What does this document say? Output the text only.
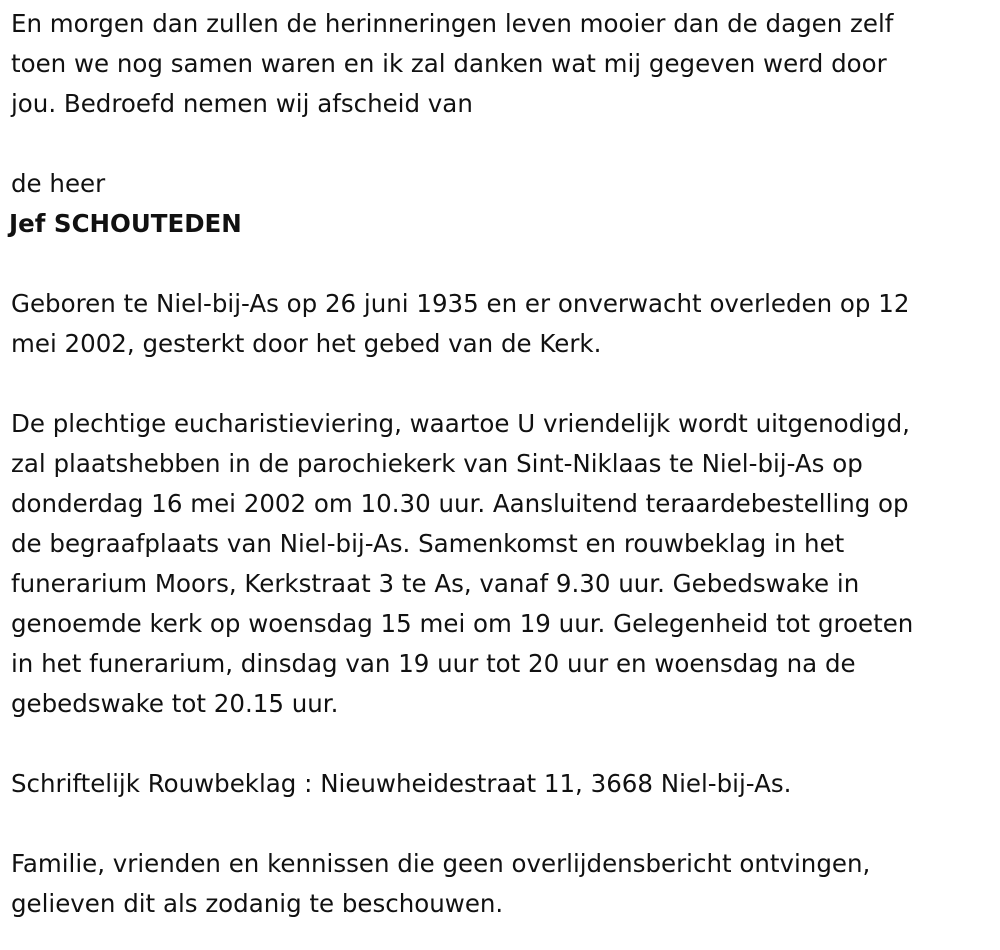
En morgen dan zullen de herinneringen leven mooier dan de dagen zelf
toen we nog samen waren en ik zal danken wat mij gegeven werd door
jou. Bedroefd nemen wij afscheid van

de heer
Jef SCHOUTEDEN

Geboren te Niel-bij-As op 26 juni 1935 en er onverwacht overleden op 12
mei 2002, gesterkt door het gebed van de Kerk.

De plechtige eucharistieviering, waartoe U vriendelijk wordt uitgenodigd,
zal plaatshebben in de parochiekerk van Sint-Niklaas te Niel-bij-As op
donderdag 16 mei 2002 om 10.30 uur. Aansluitend teraardebestelling op
de begraafplaats van Niel-bij-As. Samenkomst en rouwbeklag in het
funerarium Moors, Kerkstraat 3 te As, vanaf 9.30 uur. Gebedswake in
genoemde kerk op woensdag 15 mei om 19 uur. Gelegenheid tot groeten
in het funerarium, dinsdag van 19 uur tot 20 uur en woensdag na de
gebedswake tot 20.15 uur.

Schriftelijk Rouwbeklag : Nieuwheidestraat 11, 3668 Niel-bij-As.

Familie, vrienden en kennissen die geen overlijdensbericht ontvingen,
gelieven dit als zodanig te beschouwen.
